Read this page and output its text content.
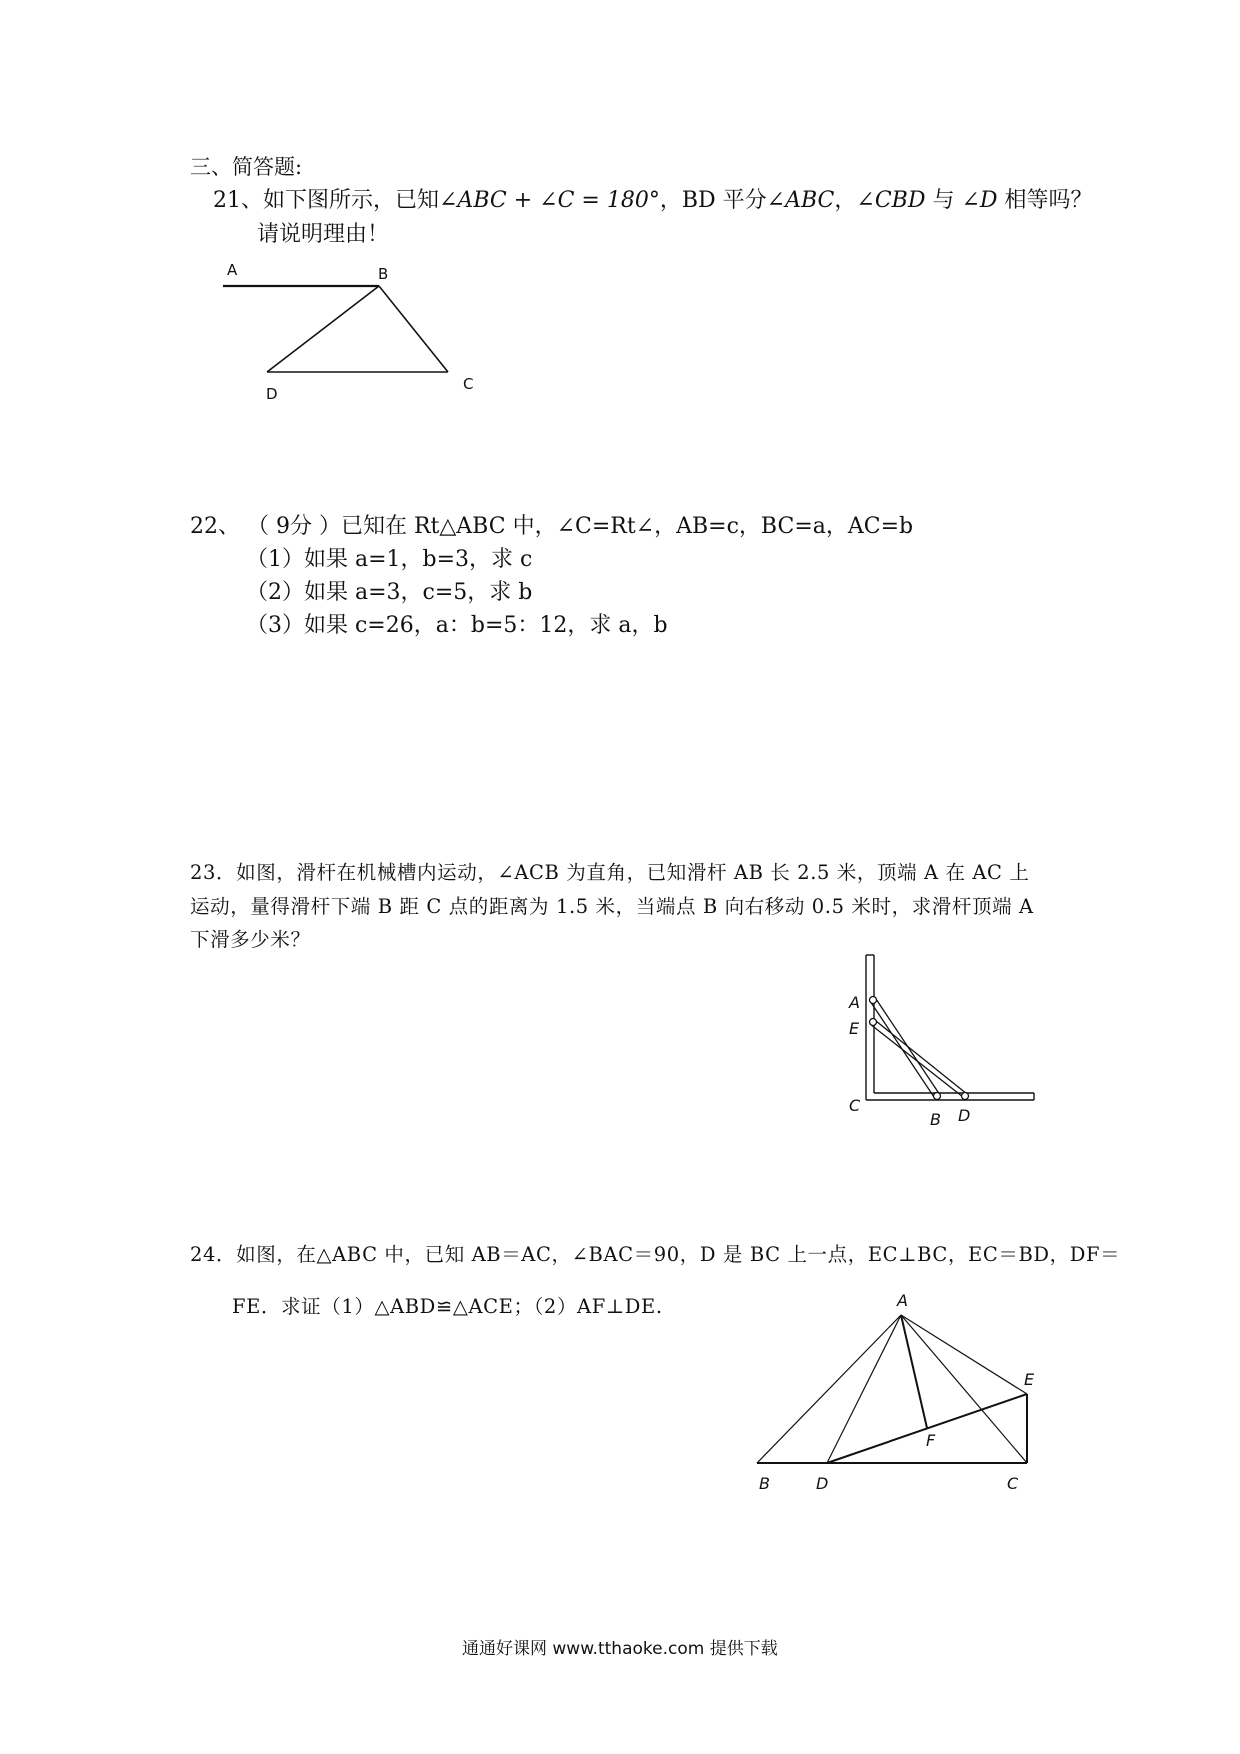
三、简答题:
21、如下图所示，已知∠ABC + ∠C = 180°，BD 平分∠ABC，∠CBD 与 ∠D 相等吗？
请说明理由！
A	B
C
D
22、 （ 9分 ）已知在 Rt△ABC 中，∠C=Rt∠，AB=c，BC=a，AC=b
（1）如果 a=1，b=3，求 c
（2）如果 a=3，c=5，求 b
（3）如果 c=26，a：b=5：12，求 a，b
23．如图，滑杆在机械槽内运动，∠ACB 为直角，已知滑杆 AB 长 2.5 米，顶端 A 在 AC 上
运动，量得滑杆下端 B 距 C 点的距离为 1.5 米，当端点 B 向右移动 0.5 米时，求滑杆顶端 A
下滑多少米？
A
E
C
B D
24．如图，在△ABC 中，已知 AB＝AC，∠BAC＝90，D 是 BC 上一点，EC⊥BC，EC＝BD，DF＝
FE．求证（1）△ABD≌△ACE；（2）AF⊥DE.	A
B	C
D
E
F
通通好课网 www.tthaoke.com 提供下载
